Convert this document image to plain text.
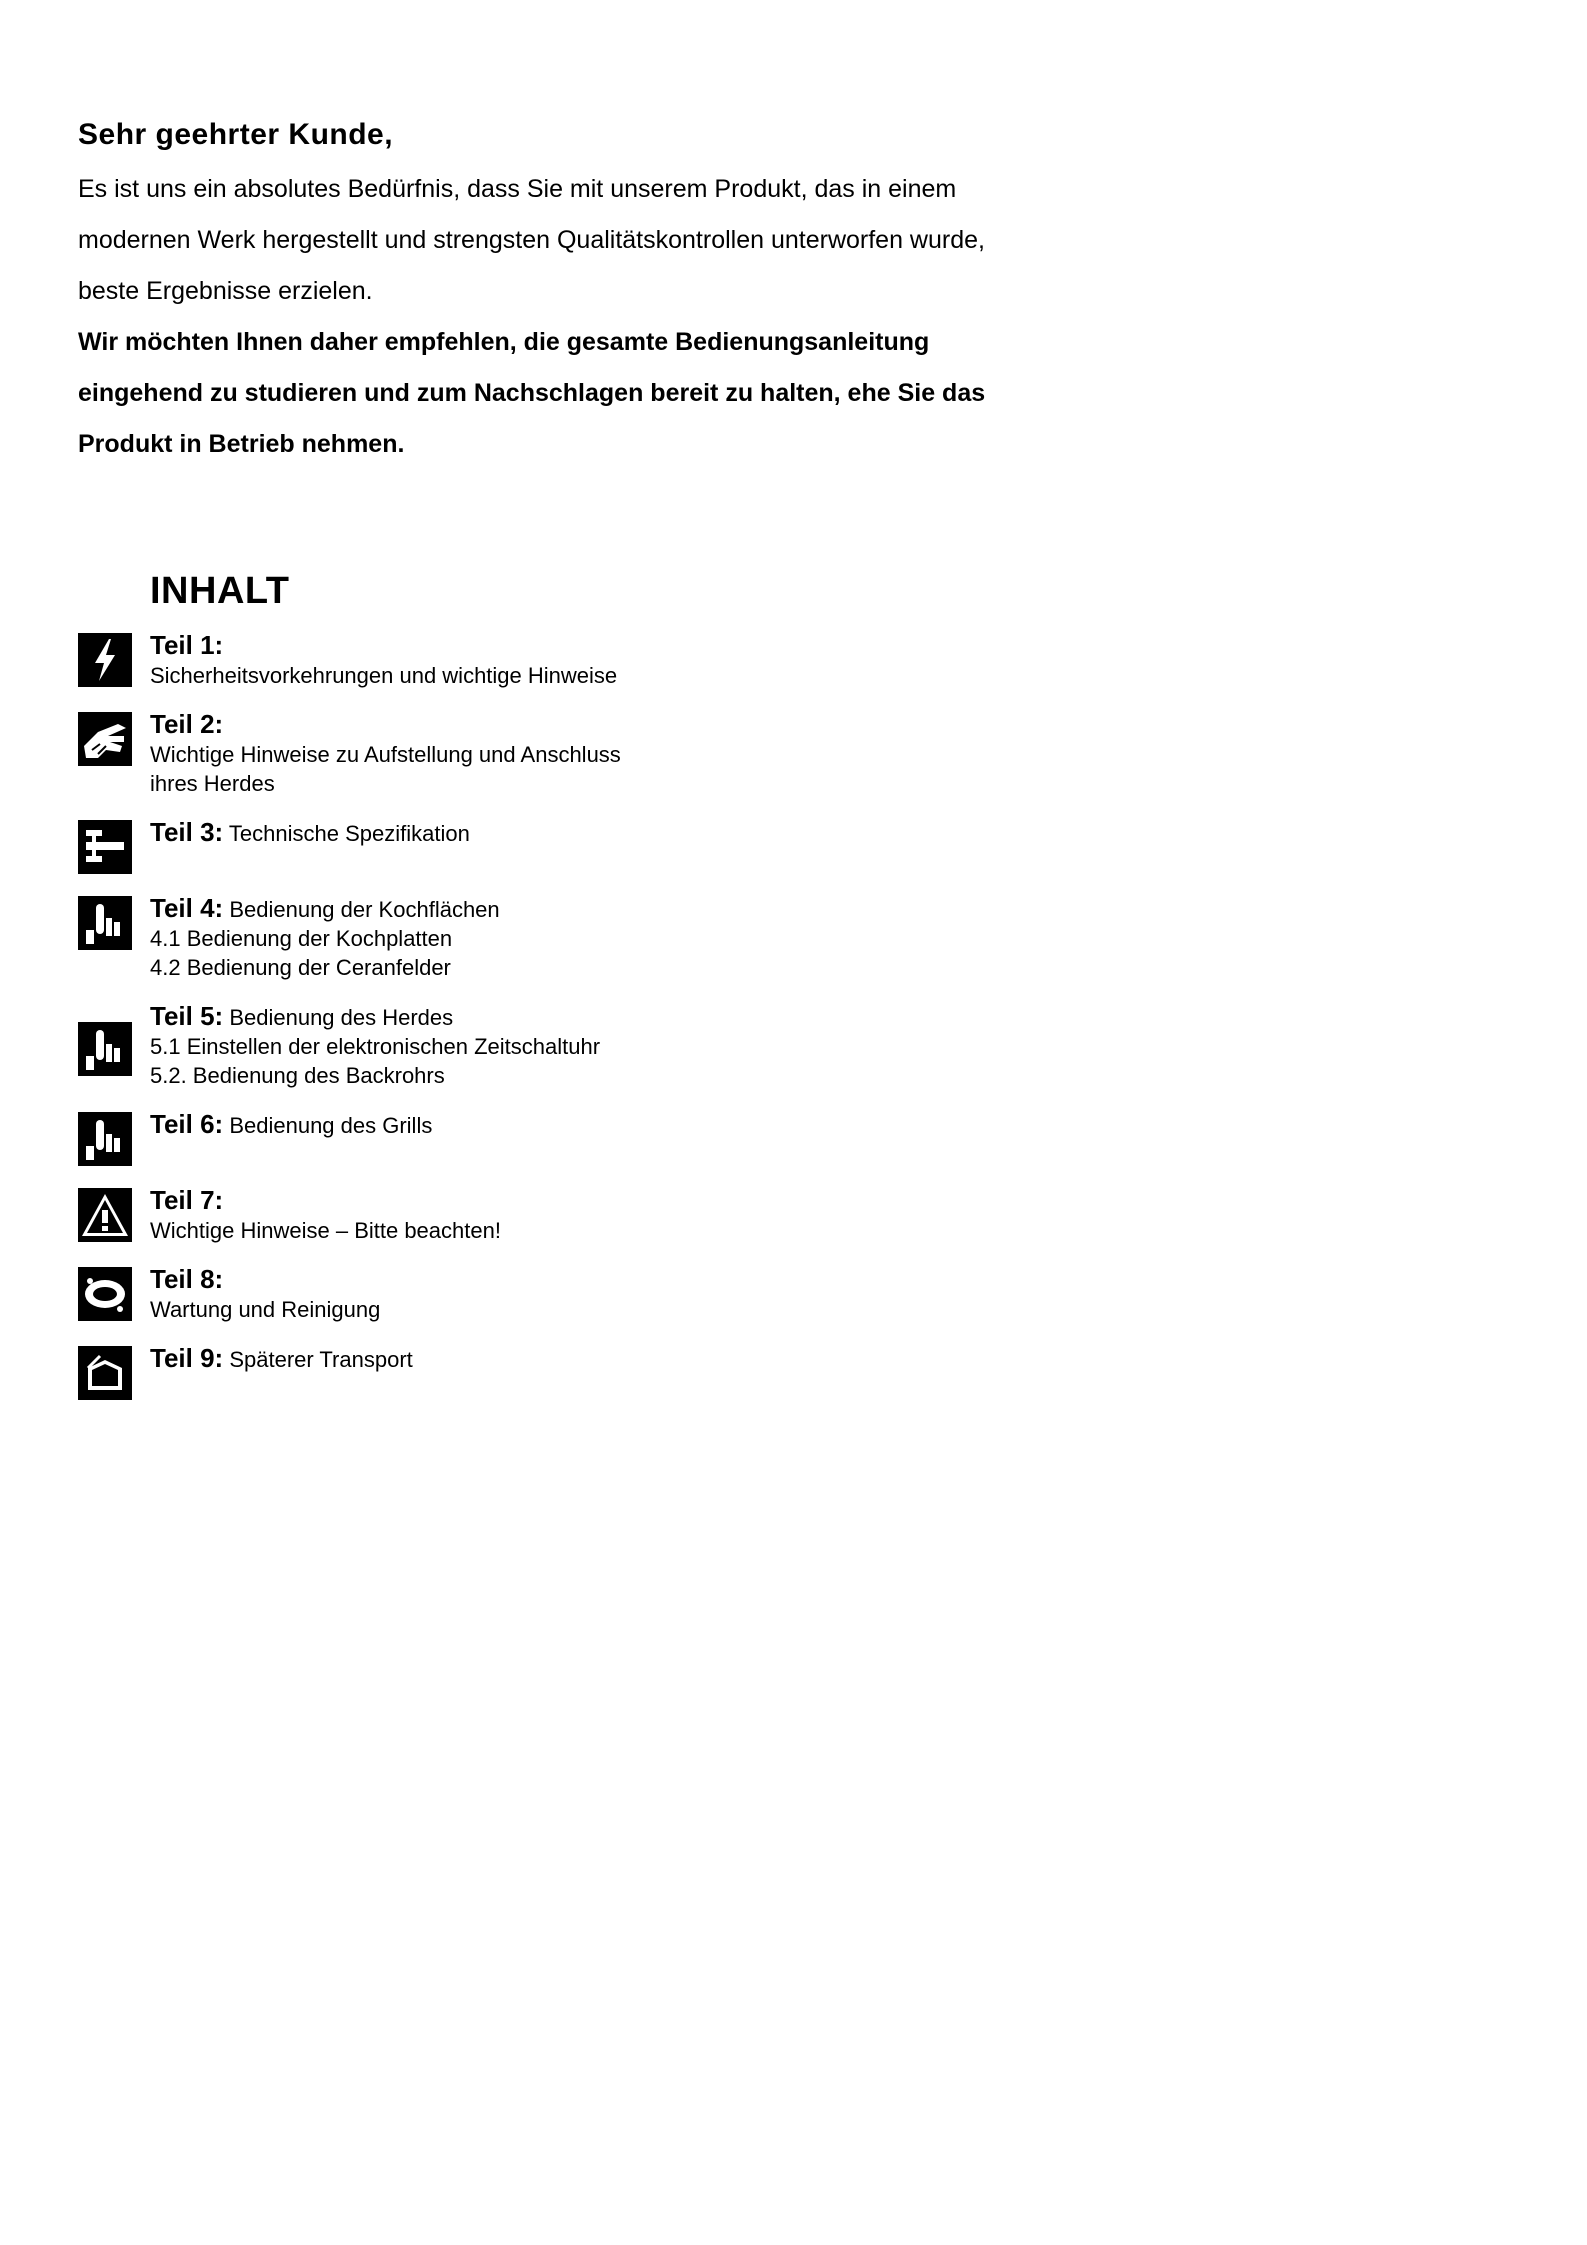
Sehr geehrter Kunde,

Es ist uns ein absolutes Bedürfnis, dass Sie mit unserem Produkt, das in einem

modernen Werk hergestellt und strengsten Qualitätskontrollen unterworfen wurde,

beste Ergebnisse erzielen.

Wir möchten Ihnen daher empfehlen, die gesamte Bedienungsanleitung

eingehend zu studieren und zum Nachschlagen bereit zu halten, ehe Sie das

Produkt in Betrieb nehmen.

INHALT
Teil 1:
Sicherheitsvorkehrungen und wichtige Hinweise
Teil 2:
Wichtige Hinweise zu Aufstellung und Anschluss
ihres Herdes
Teil 3: Technische Spezifikation
Teil 4: Bedienung der Kochflächen
4.1 Bedienung der Kochplatten
4.2 Bedienung der Ceranfelder
Teil 5: Bedienung des Herdes
5.1 Einstellen der elektronischen Zeitschaltuhr
5.2. Bedienung des Backrohrs
Teil 6: Bedienung des Grills
Teil 7:
Wichtige Hinweise – Bitte beachten!
Teil 8:
Wartung und Reinigung
Teil 9: Späterer Transport
